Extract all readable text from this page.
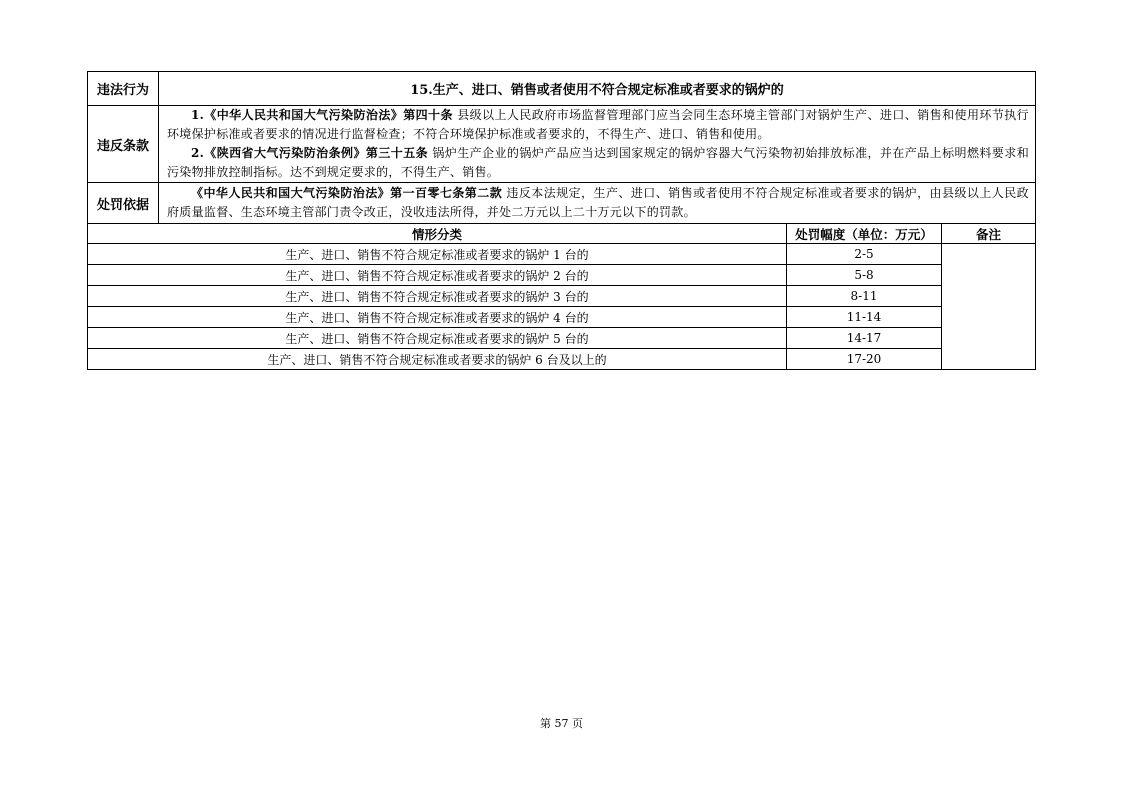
违法行为	15.生产、进口、销售或者使用不符合规定标准或者要求的锅炉的		
违反条款	1.《中华人民共和国大气污染防治法》第四十条 县级以上人民政府市场监督管理部门应当会同生态环境主管部门对锅炉生产、进口、销售和使用环节执行环境保护标准或者要求的情况进行监督检查；不符合环境保护标准或者要求的，不得生产、进口、销售和使用。
2.《陕西省大气污染防治条例》第三十五条 锅炉生产企业的锅炉产品应当达到国家规定的锅炉容器大气污染物初始排放标准，并在产品上标明燃料要求和污染物排放控制指标。达不到规定要求的，不得生产、销售。		

处罚依据	《中华人民共和国大气污染防治法》第一百零七条第二款 违反本法规定，生产、进口、销售或者使用不符合规定标准或者要求的锅炉，由县级以上人民政府质量监督、生态环境主管部门责令改正，没收违法所得，并处二万元以上二十万元以下的罚款。		

情形分类		处罚幅度（单位：万元）	备注
生产、进口、销售不符合规定标准或者要求的锅炉 1 台的		2-5	
生产、进口、销售不符合规定标准或者要求的锅炉 2 台的		5-8	
生产、进口、销售不符合规定标准或者要求的锅炉 3 台的		8-11	
生产、进口、销售不符合规定标准或者要求的锅炉 4 台的		11-14	
生产、进口、销售不符合规定标准或者要求的锅炉 5 台的		14-17	
生产、进口、销售不符合规定标准或者要求的锅炉 6 台及以上的		17-20	
第 57 页
